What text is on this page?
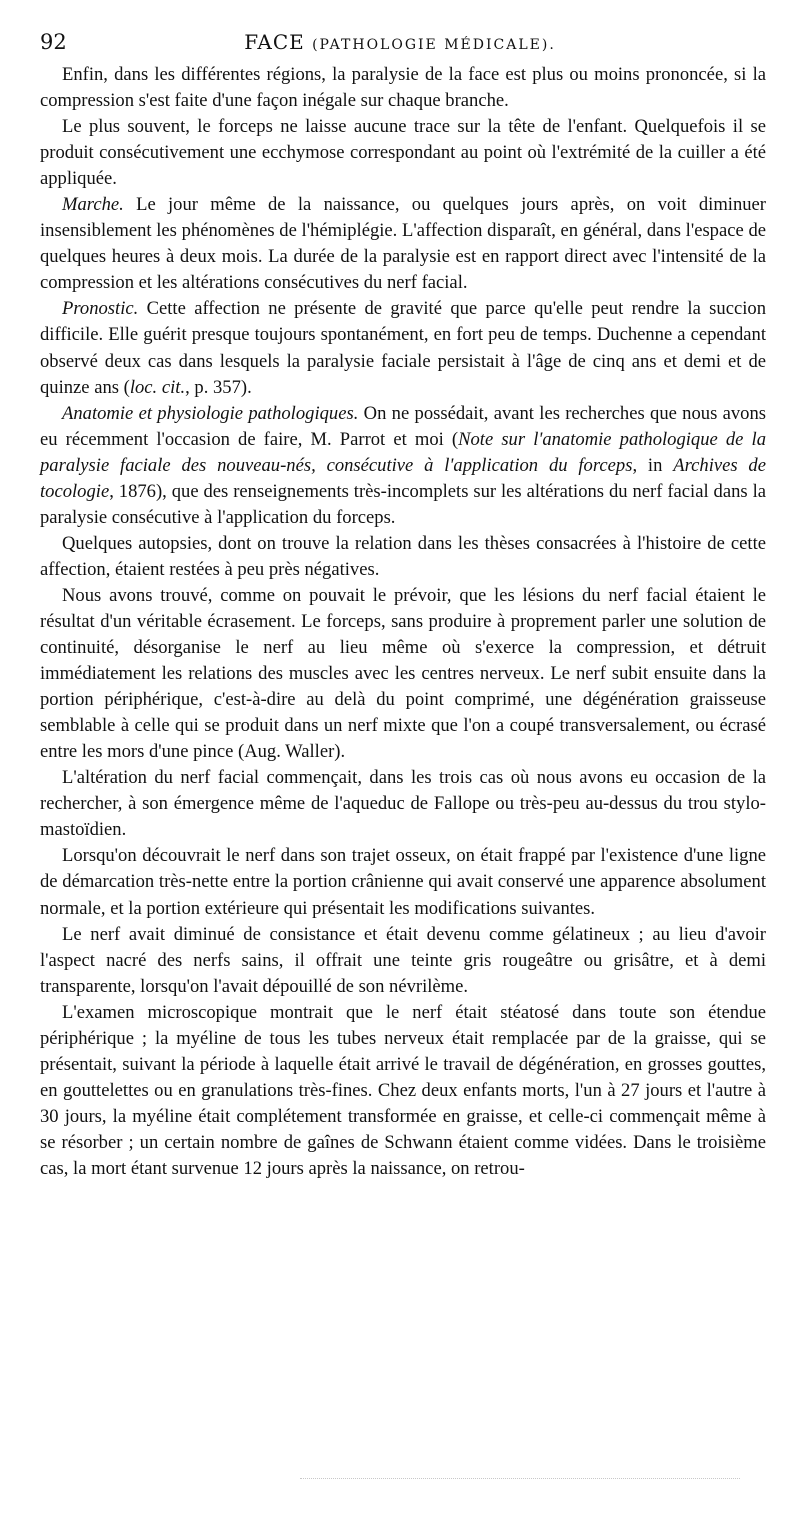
92	FACE (PATHOLOGIE MÉDICALE).

Enfin, dans les différentes régions, la paralysie de la face est plus ou moins prononcée, si la compression s'est faite d'une façon inégale sur chaque branche.

Le plus souvent, le forceps ne laisse aucune trace sur la tête de l'enfant. Quelquefois il se produit consécutivement une ecchymose correspondant au point où l'extrémité de la cuiller a été appliquée.

Marche. Le jour même de la naissance, ou quelques jours après, on voit diminuer insensiblement les phénomènes de l'hémiplégie. L'affection disparaît, en général, dans l'espace de quelques heures à deux mois. La durée de la paralysie est en rapport direct avec l'intensité de la compression et les altérations consécutives du nerf facial.

Pronostic. Cette affection ne présente de gravité que parce qu'elle peut rendre la succion difficile. Elle guérit presque toujours spontanément, en fort peu de temps. Duchenne a cependant observé deux cas dans lesquels la paralysie faciale persistait à l'âge de cinq ans et demi et de quinze ans (loc. cit., p. 357).

Anatomie et physiologie pathologiques. On ne possédait, avant les recherches que nous avons eu récemment l'occasion de faire, M. Parrot et moi (Note sur l'anatomie pathologique de la paralysie faciale des nouveau-nés, consécutive à l'application du forceps, in Archives de tocologie, 1876), que des renseignements très-incomplets sur les altérations du nerf facial dans la paralysie consécutive à l'application du forceps.

Quelques autopsies, dont on trouve la relation dans les thèses consacrées à l'histoire de cette affection, étaient restées à peu près négatives.

Nous avons trouvé, comme on pouvait le prévoir, que les lésions du nerf facial étaient le résultat d'un véritable écrasement. Le forceps, sans produire à proprement parler une solution de continuité, désorganise le nerf au lieu même où s'exerce la compression, et détruit immédiatement les relations des muscles avec les centres nerveux. Le nerf subit ensuite dans la portion périphérique, c'est-à-dire au delà du point comprimé, une dégénération graisseuse semblable à celle qui se produit dans un nerf mixte que l'on a coupé transversalement, ou écrasé entre les mors d'une pince (Aug. Waller).

L'altération du nerf facial commençait, dans les trois cas où nous avons eu occasion de la rechercher, à son émergence même de l'aqueduc de Fallope ou très-peu au-dessus du trou stylo-mastoïdien.

Lorsqu'on découvrait le nerf dans son trajet osseux, on était frappé par l'existence d'une ligne de démarcation très-nette entre la portion crânienne qui avait conservé une apparence absolument normale, et la portion extérieure qui présentait les modifications suivantes.

Le nerf avait diminué de consistance et était devenu comme gélatineux ; au lieu d'avoir l'aspect nacré des nerfs sains, il offrait une teinte gris rougeâtre ou grisâtre, et à demi transparente, lorsqu'on l'avait dépouillé de son névrilème.

L'examen microscopique montrait que le nerf était stéatosé dans toute son étendue périphérique ; la myéline de tous les tubes nerveux était remplacée par de la graisse, qui se présentait, suivant la période à laquelle était arrivé le travail de dégénération, en grosses gouttes, en gouttelettes ou en granulations très-fines. Chez deux enfants morts, l'un à 27 jours et l'autre à 30 jours, la myéline était complétement transformée en graisse, et celle-ci commençait même à se résorber ; un certain nombre de gaînes de Schwann étaient comme vidées. Dans le troisième cas, la mort étant survenue 12 jours après la naissance, on retrou-
